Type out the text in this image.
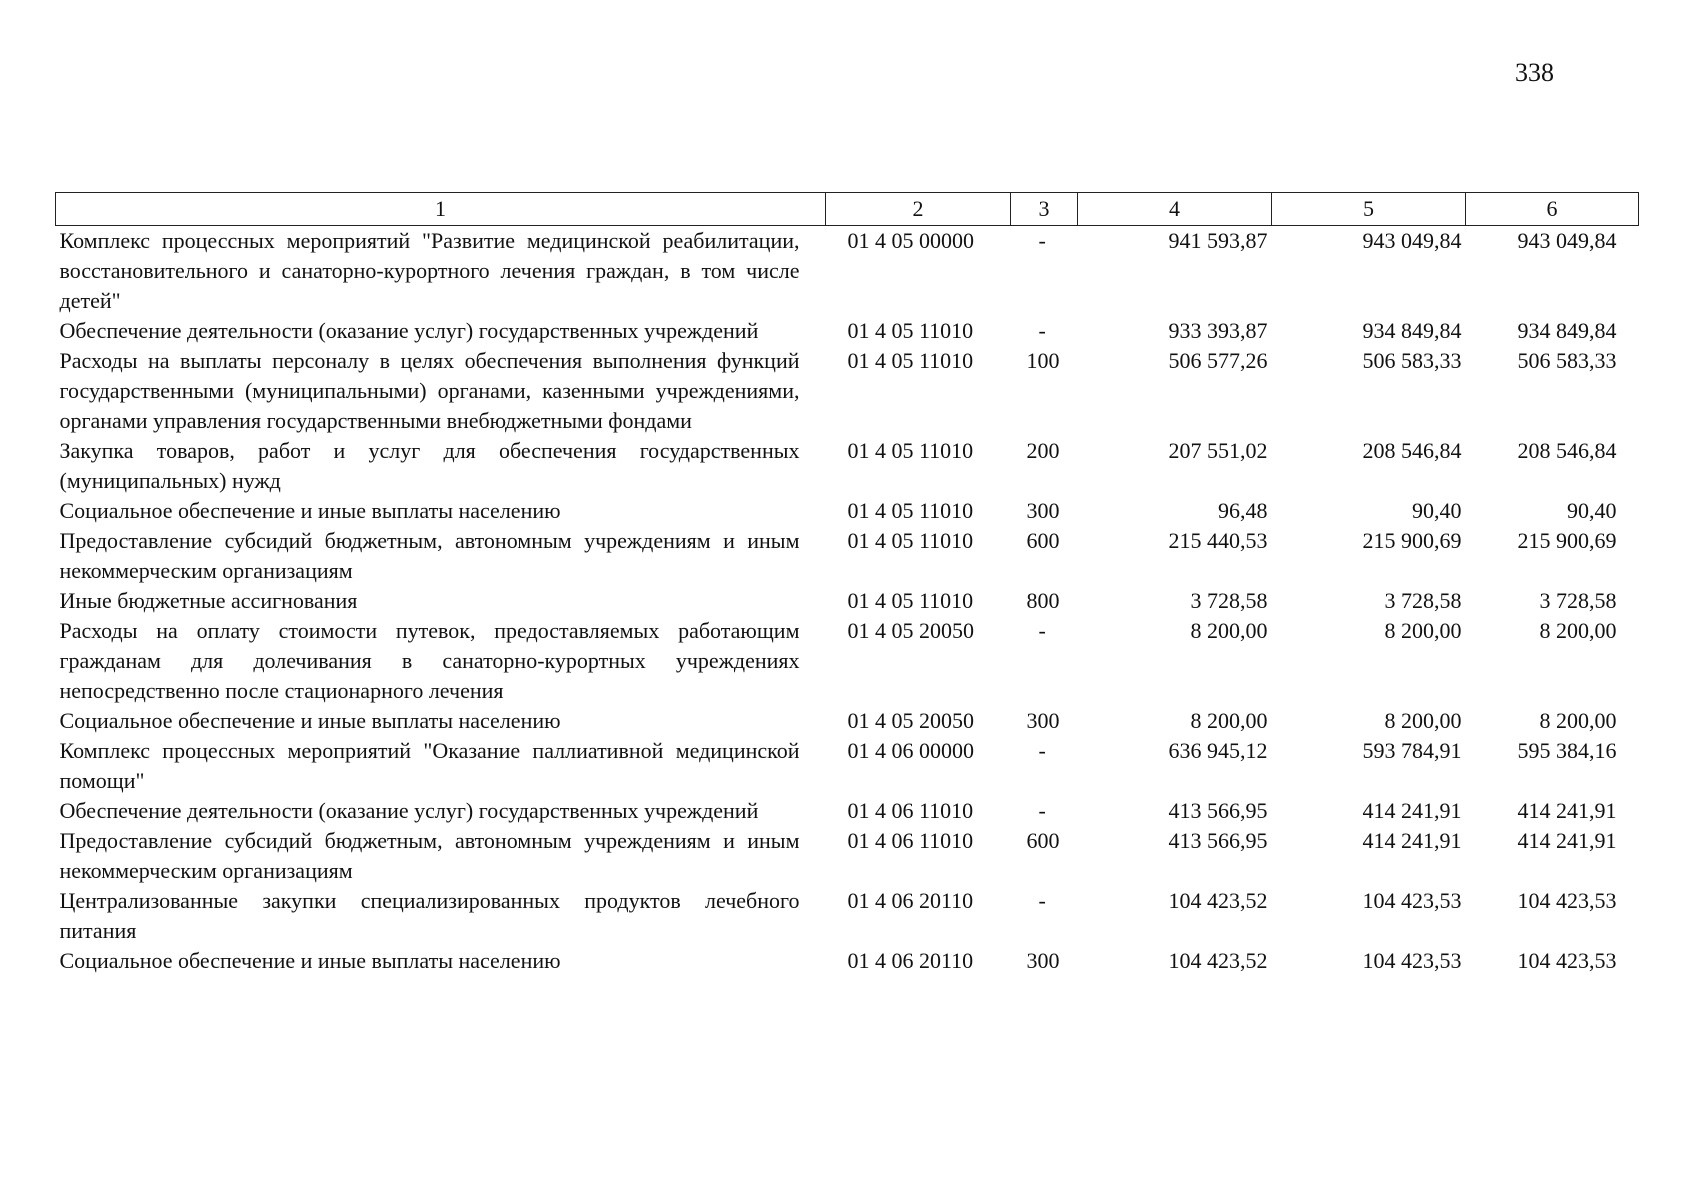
338
1	2	3	4	5	6
Комплекс процессных мероприятий "Развитие медицинской реабилитации, восстановительного и санаторно-курортного лечения граждан, в том числе детей"	01 4 05 00000	-	941 593,87	943 049,84	943 049,84
Обеспечение деятельности (оказание услуг) государственных учреждений	01 4 05 11010	-	933 393,87	934 849,84	934 849,84
Расходы на выплаты персоналу в целях обеспечения выполнения функций государственными (муниципальными) органами, казенными учреждениями, органами управления государственными внебюджетными фондами	01 4 05 11010	100	506 577,26	506 583,33	506 583,33
Закупка товаров, работ и услуг для обеспечения государственных (муниципальных) нужд	01 4 05 11010	200	207 551,02	208 546,84	208 546,84
Социальное обеспечение и иные выплаты населению	01 4 05 11010	300	96,48	90,40	90,40
Предоставление субсидий бюджетным, автономным учреждениям и иным некоммерческим организациям	01 4 05 11010	600	215 440,53	215 900,69	215 900,69
Иные бюджетные ассигнования	01 4 05 11010	800	3 728,58	3 728,58	3 728,58
Расходы на оплату стоимости путевок, предоставляемых работающим гражданам для долечивания в санаторно-курортных учреждениях непосредственно после стационарного лечения	01 4 05 20050	-	8 200,00	8 200,00	8 200,00
Социальное обеспечение и иные выплаты населению	01 4 05 20050	300	8 200,00	8 200,00	8 200,00
Комплекс процессных мероприятий "Оказание паллиативной медицинской помощи"	01 4 06 00000	-	636 945,12	593 784,91	595 384,16
Обеспечение деятельности (оказание услуг) государственных учреждений	01 4 06 11010	-	413 566,95	414 241,91	414 241,91
Предоставление субсидий бюджетным, автономным учреждениям и иным некоммерческим организациям	01 4 06 11010	600	413 566,95	414 241,91	414 241,91
Централизованные закупки специализированных продуктов лечебного питания	01 4 06 20110	-	104 423,52	104 423,53	104 423,53
Социальное обеспечение и иные выплаты населению	01 4 06 20110	300	104 423,52	104 423,53	104 423,53
